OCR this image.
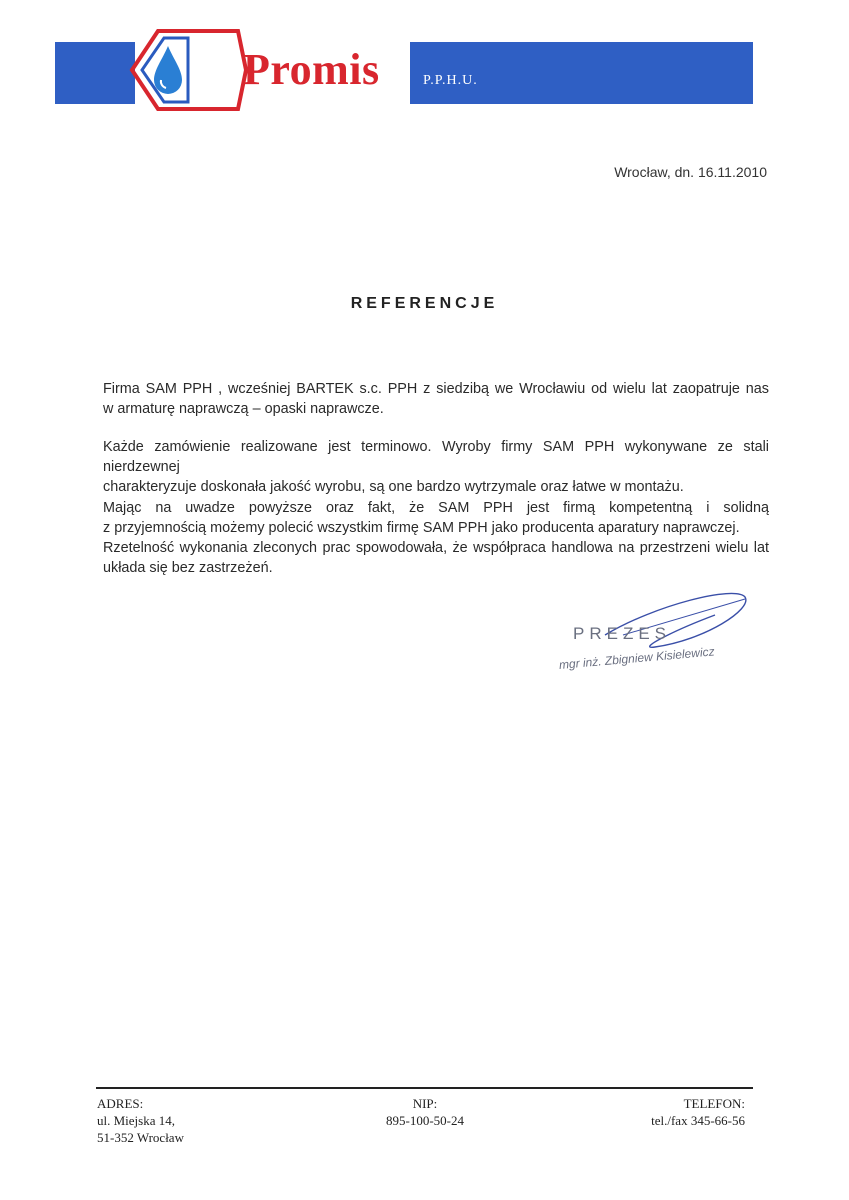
Promis	P.P.H.U.
Wrocław, dn. 16.11.2010
REFERENCJE
Firma SAM PPH , wcześniej BARTEK s.c. PPH z siedzibą we Wrocławiu od wielu lat zaopatruje nas
w armaturę naprawczą – opaski naprawcze.
Każde zamówienie realizowane jest terminowo. Wyroby firmy SAM PPH wykonywane ze stali nierdzewnej
charakteryzuje doskonała jakość wyrobu, są one bardzo wytrzymale oraz łatwe w montażu.
Mając na uwadze powyższe oraz fakt, że SAM PPH jest firmą kompetentną i solidną
z przyjemnością możemy polecić wszystkim firmę SAM PPH jako producenta aparatury naprawczej.
Rzetelność wykonania zleconych prac spowodowała, że współpraca handlowa na przestrzeni wielu lat
układa się bez zastrzeżeń.
PREZES
mgr inż. Zbigniew Kisielewicz
ADRES:
ul. Miejska 14,
51-352 Wrocław
NIP:
895-100-50-24
TELEFON:
tel./fax 345-66-56
